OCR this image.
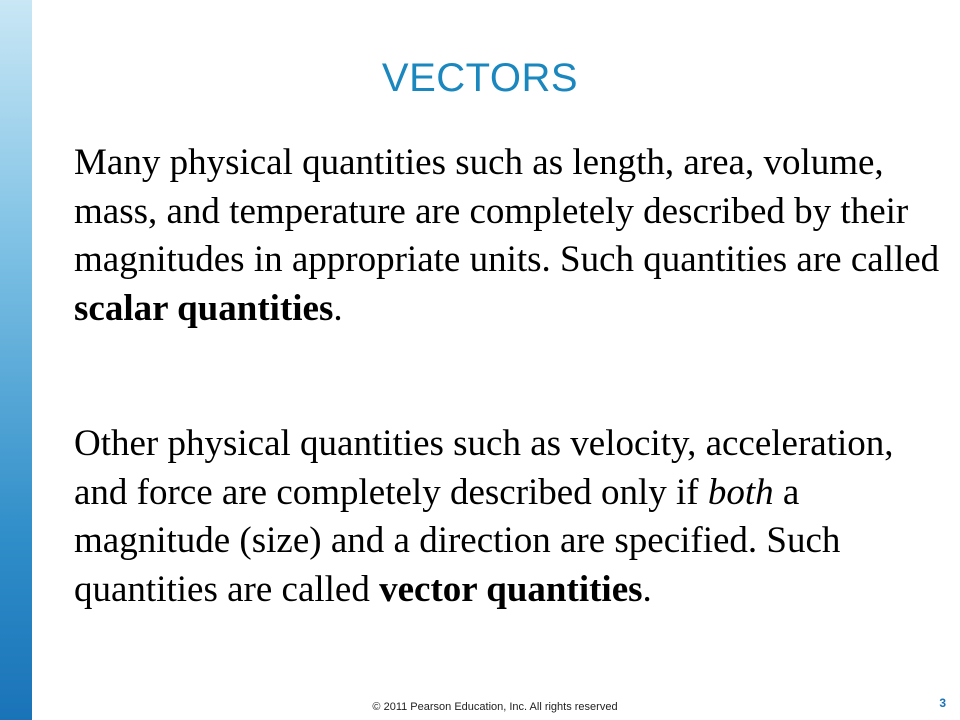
VECTORS

Many physical quantities such as length, area, volume, mass, and temperature are completely described by their magnitudes in appropriate units. Such quantities are called scalar quantities.

Other physical quantities such as velocity, acceleration, and force are completely described only if both a magnitude (size) and a direction are specified. Such quantities are called vector quantities.

© 2011 Pearson Education, Inc. All rights reserved	3
